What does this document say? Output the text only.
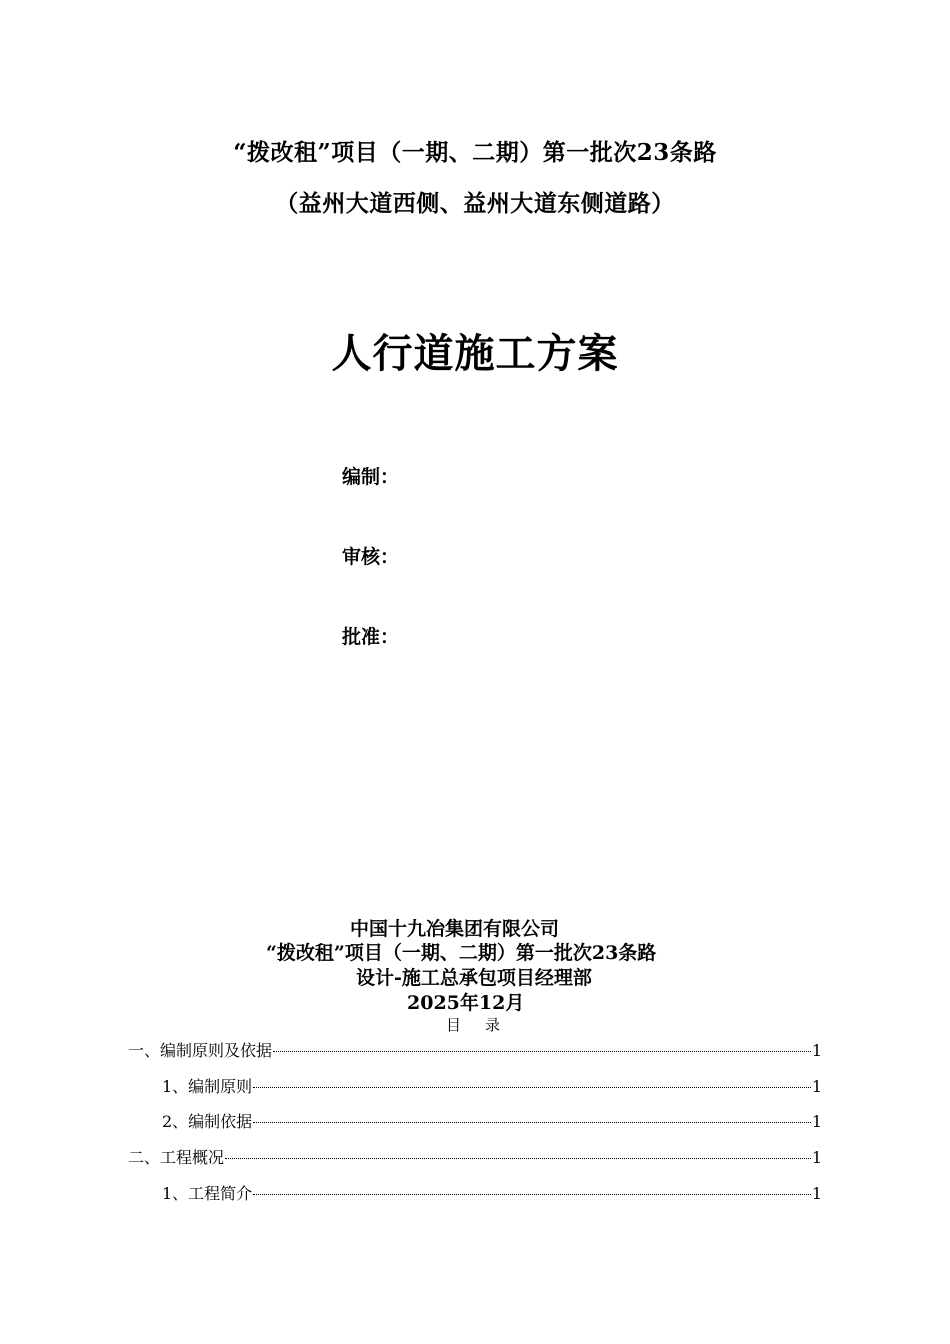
“拨改租”项目（一期、二期）第一批次23条路
（益州大道西侧、益州大道东侧道路）
人行道施工方案
编制：
审核：
批准：
中国十九冶集团有限公司
“拨改租”项目（一期、二期）第一批次23条路
设计-施工总承包项目经理部
2025年12月
目录
一、编制原则及依据	1
1、编制原则	1
2、编制依据	1
二、工程概况	1
1、工程简介	1
